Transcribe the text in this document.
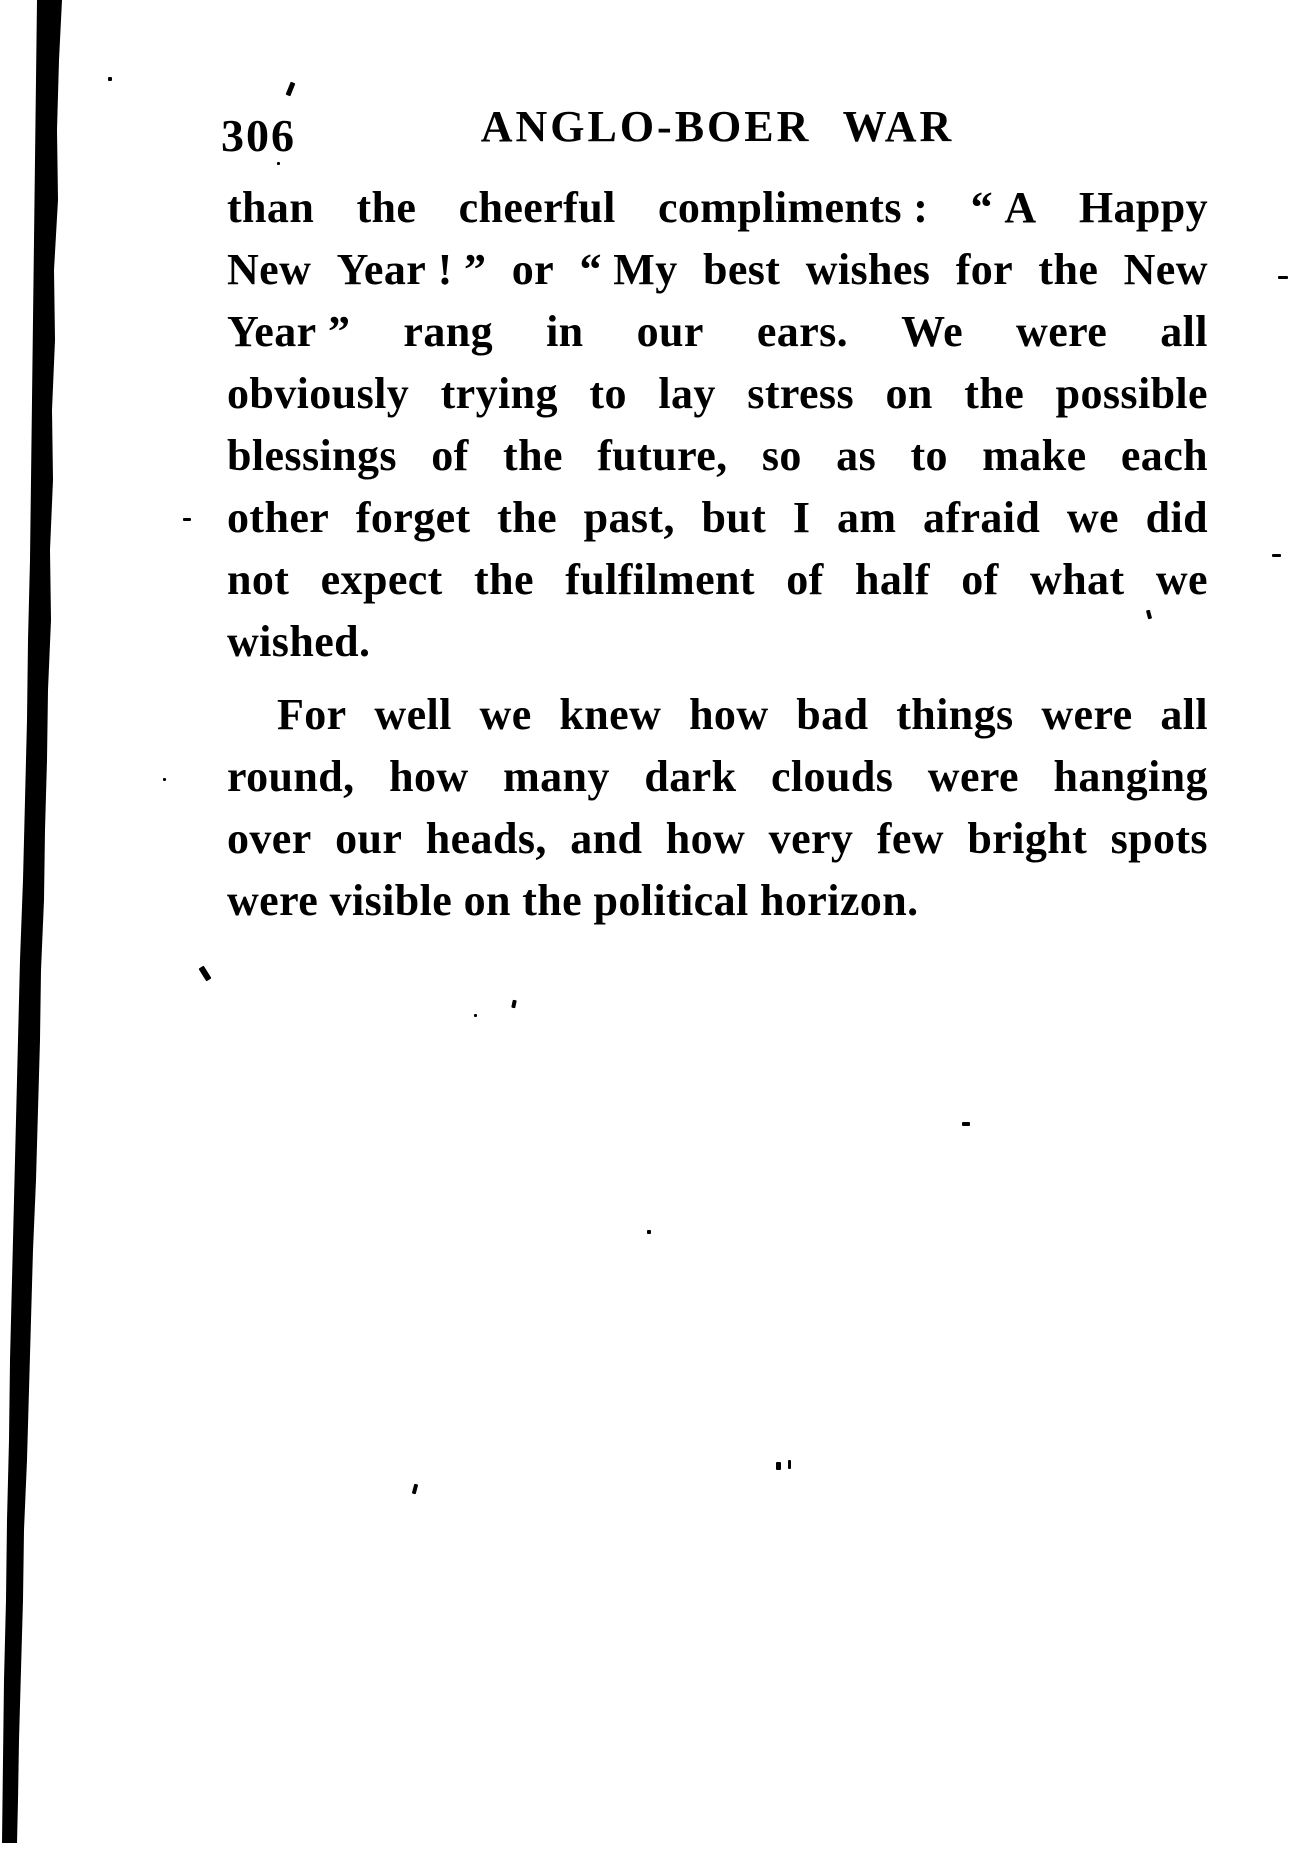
306	ANGLO-BOER WAR
than the cheerful compliments : “ A Happy
New Year ! ” or “ My best wishes for the New
Year ” rang in our ears. We were all
obviously trying to lay stress on the possible
blessings of the future, so as to make each
other forget the past, but I am afraid we did
not expect the fulfilment of half of what we
wished.
For well we knew how bad things were all
round, how many dark clouds were hanging
over our heads, and how very few bright spots
were visible on the political horizon.
